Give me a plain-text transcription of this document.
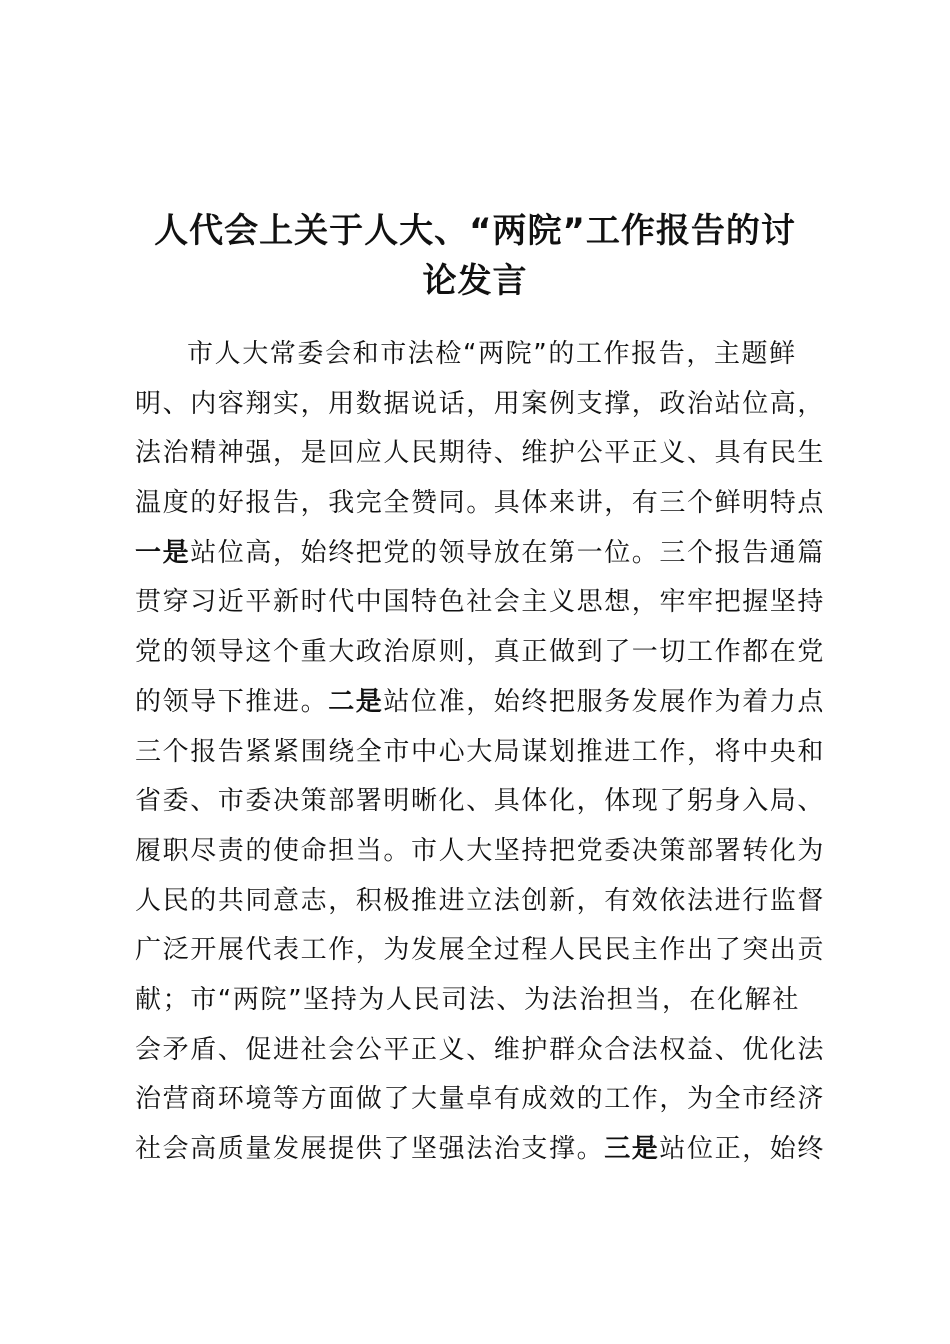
人代会上关于人大、“两院”工作报告的讨
论发言
市人大常委会和市法检“两院”的工作报告，主题鲜
明、内容翔实，用数据说话，用案例支撑，政治站位高，
法治精神强，是回应人民期待、维护公平正义、具有民生
温度的好报告，我完全赞同。具体来讲，有三个鲜明特点
一是站位高，始终把党的领导放在第一位。三个报告通篇
贯穿习近平新时代中国特色社会主义思想，牢牢把握坚持
党的领导这个重大政治原则，真正做到了一切工作都在党
的领导下推进。二是站位准，始终把服务发展作为着力点
三个报告紧紧围绕全市中心大局谋划推进工作，将中央和
省委、市委决策部署明晰化、具体化，体现了躬身入局、
履职尽责的使命担当。市人大坚持把党委决策部署转化为
人民的共同意志，积极推进立法创新，有效依法进行监督
广泛开展代表工作，为发展全过程人民民主作出了突出贡
献；市“两院”坚持为人民司法、为法治担当，在化解社
会矛盾、促进社会公平正义、维护群众合法权益、优化法
治营商环境等方面做了大量卓有成效的工作，为全市经济
社会高质量发展提供了坚强法治支撑。三是站位正，始终
